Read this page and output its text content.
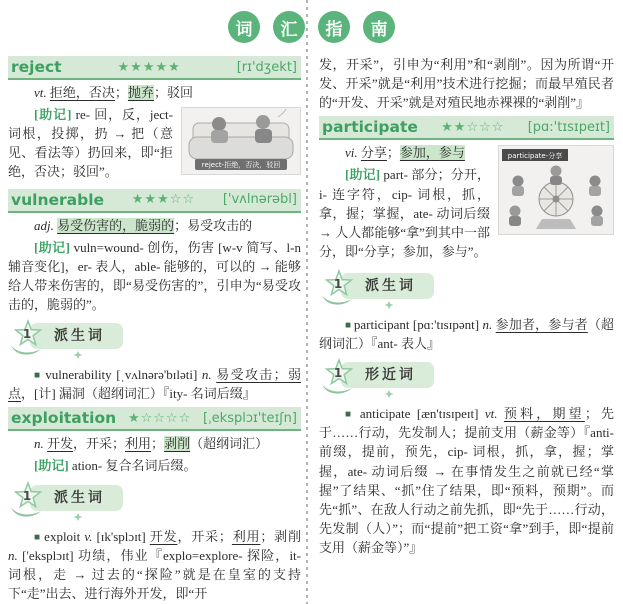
词	汇	指	南
reject	★★★★★	[rɪ'dʒekt]

vt. 拒绝，否决；抛弃；驳回

reject-拒绝，否决，驳回

[助记] re- 回，反，ject- 词根，投掷，扔 → 把（意见、看法等）扔回来，即“拒绝，否决；驳回”。

vulnerable	★★★☆☆	['vʌlnərəbl]

adj. 易受伤害的，脆弱的；易受攻击的

[助记] vuln=wound- 创伤，伤害 [w-v 简写、l-n 辅音变化]，er- 表人，able- 能够的，可以的 → 能够给人带来伤害的，即“易受伤害的”，引申为“易受攻击的，脆弱的”。

派生词
1

■ vulnerability [ˌvʌlnərə'bɪləti] n. 易受攻击；弱点，[计] 漏洞（超纲词汇）『ity- 名词后缀』

exploitation ★☆☆☆☆ [ˌeksplɔɪ'teɪʃn]

n. 开发，开采；利用；剥削（超纲词汇）

[助记] ation- 复合名词后缀。

派生词
1

■ exploit v. [ɪk'splɔɪt] 开发，开采；利用；剥削 n. ['eksplɔɪt] 功绩，伟业『explo=explore- 探险，it- 词根，走 → 过去的“探险”就是在皇室的支持下“走”出去、进行海外开发，即“开

发，开采”，引申为“利用”和“剥削”。因为所谓“开发、开采”就是“利用”技术进行挖掘；而最早殖民者的“开发、开采”就是对殖民地赤裸裸的“剥削”』

participate	★★☆☆☆	[pɑ:'tɪsɪpeɪt]
participate-分享

vi. 分享；参加，参与

[助记] part- 部分；分开，i- 连字符，cip- 词根，抓，拿，握；掌握，ate- 动词后缀 → 人人都能够“拿”到其中一部分，即“分享；参加，参与”。

派生词
1

■ participant [pɑ:'tɪsɪpənt] n. 参加者，参与者（超纲词汇）『ant- 表人』

形近词
1

■ anticipate [æn'tɪsɪpeɪt] vt. 预料，期望；先于……行动，先发制人；提前支用（薪金等）『anti- 前缀，提前，预先，cip- 词根，抓，拿，握；掌握，ate- 动词后缀 → 在事情发生之前就已经“掌握”了结果、“抓”住了结果，即“预料，预期”。而先“抓”、在敌人行动之前先抓，即“先于……行动，先发制（人）”；而“提前”把工资“拿”到手，即“提前支用（薪金等）”』
